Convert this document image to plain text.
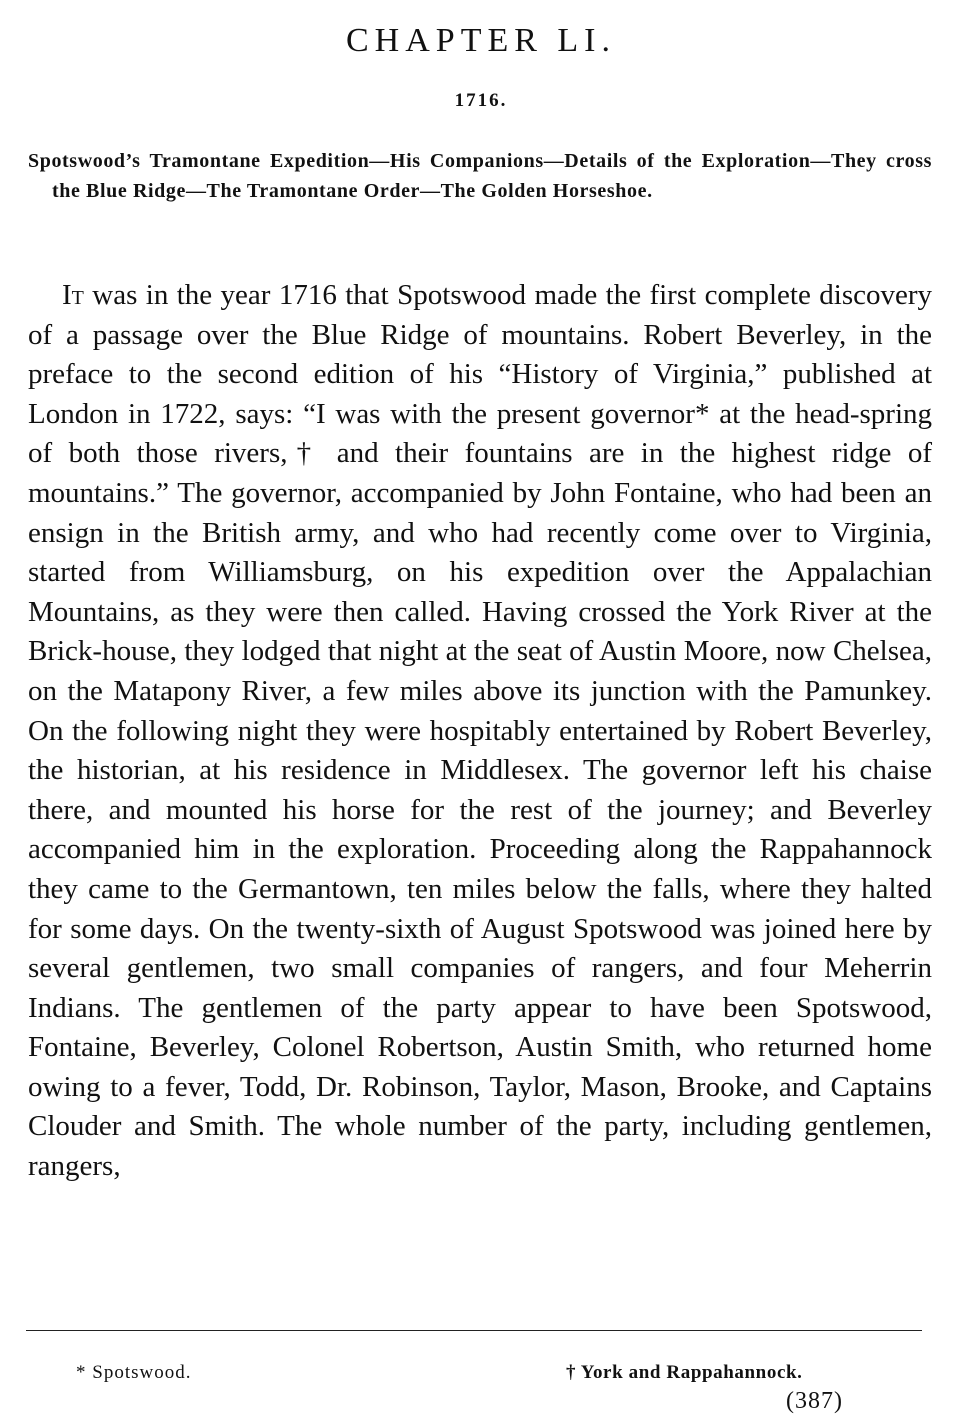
CHAPTER LI.
1716.
Spotswood’s Tramontane Expedition—His Companions—Details of the Exploration—They cross the Blue Ridge—The Tramontane Order—The Golden Horseshoe.

It was in the year 1716 that Spotswood made the first complete discovery of a passage over the Blue Ridge of mountains. Robert Beverley, in the preface to the second edition of his “History of Virginia,” published at London in 1722, says: “I was with the present governor* at the head-spring of both those rivers,† and their fountains are in the highest ridge of mountains.” The governor, accompanied by John Fontaine, who had been an ensign in the British army, and who had recently come over to Virginia, started from Williamsburg, on his expedition over the Appalachian Mountains, as they were then called. Having crossed the York River at the Brick-house, they lodged that night at the seat of Austin Moore, now Chelsea, on the Matapony River, a few miles above its junction with the Pamunkey. On the following night they were hospitably entertained by Robert Beverley, the historian, at his residence in Middlesex. The governor left his chaise there, and mounted his horse for the rest of the journey; and Beverley accompanied him in the exploration. Proceeding along the Rappahannock they came to the Germantown, ten miles below the falls, where they halted for some days. On the twenty-sixth of August Spotswood was joined here by several gentlemen, two small companies of rangers, and four Meherrin Indians. The gentlemen of the party appear to have been Spotswood, Fontaine, Beverley, Colonel Robertson, Austin Smith, who returned home owing to a fever, Todd, Dr. Robinson, Taylor, Mason, Brooke, and Captains Clouder and Smith. The whole number of the party, including gentlemen, rangers,

* Spotswood.	† York and Rappahannock.
(387)
